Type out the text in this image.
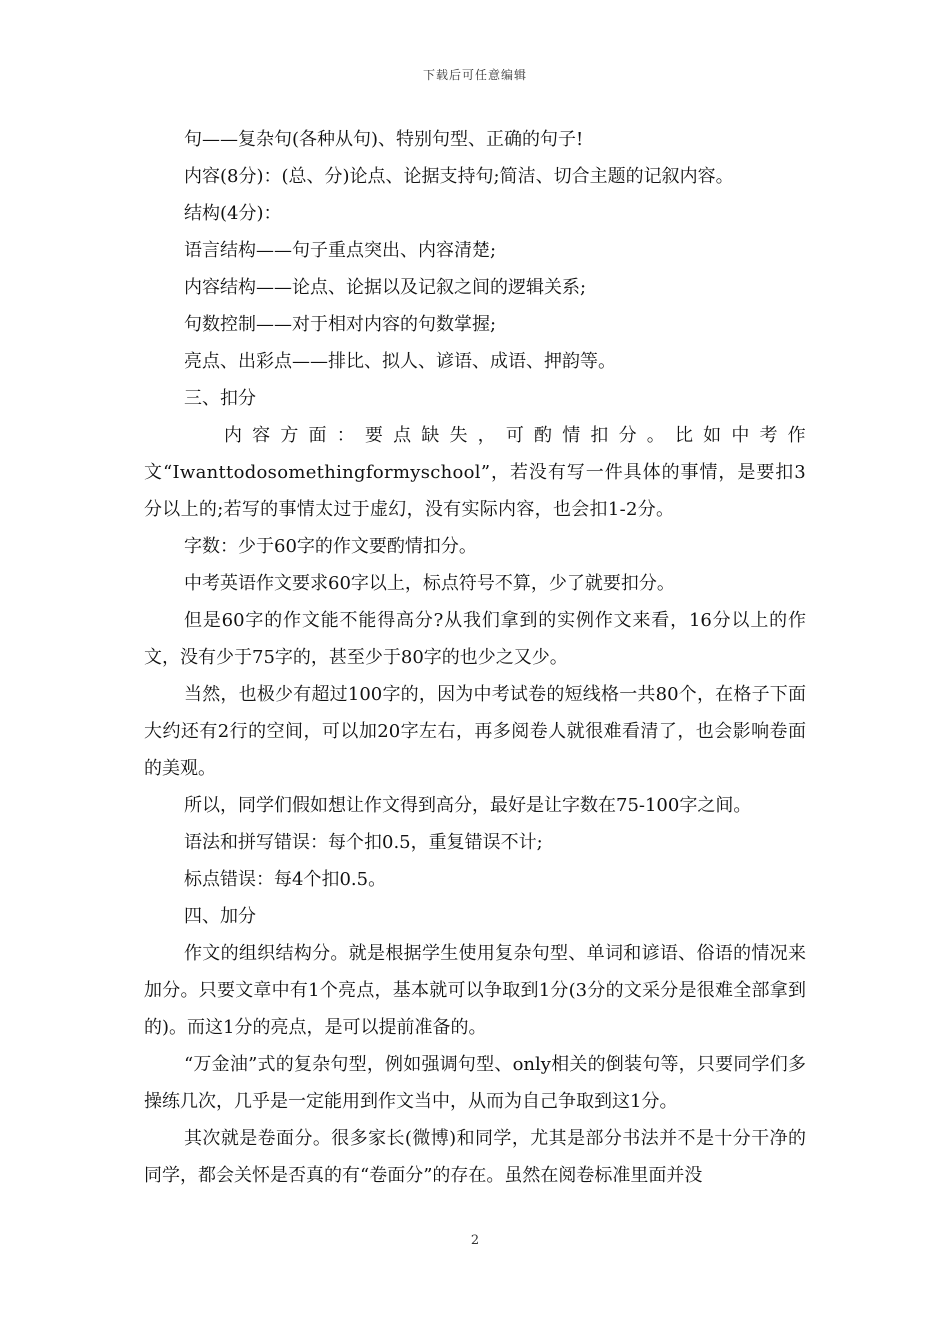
下载后可任意编辑

句——复杂句(各种从句)、特别句型、正确的句子!

内容(8分)：(总、分)论点、论据支持句;简洁、切合主题的记叙内容。

结构(4分)：

语言结构——句子重点突出、内容清楚;

内容结构——论点、论据以及记叙之间的逻辑关系;

句数控制——对于相对内容的句数掌握;

亮点、出彩点——排比、拟人、谚语、成语、押韵等。

三、扣分

内容方面：要点缺失，可酌情扣分。比如中考作文“Iwanttodosomethingformyschool”，若没有写一件具体的事情，是要扣3分以上的;若写的事情太过于虚幻，没有实际内容，也会扣1-2分。

字数：少于60字的作文要酌情扣分。

中考英语作文要求60字以上，标点符号不算，少了就要扣分。

但是60字的作文能不能得高分?从我们拿到的实例作文来看，16分以上的作文，没有少于75字的，甚至少于80字的也少之又少。

当然，也极少有超过100字的，因为中考试卷的短线格一共80个，在格子下面大约还有2行的空间，可以加20字左右，再多阅卷人就很难看清了，也会影响卷面的美观。

所以，同学们假如想让作文得到高分，最好是让字数在75-100字之间。

语法和拼写错误：每个扣0.5，重复错误不计;

标点错误：每4个扣0.5。

四、加分

作文的组织结构分。就是根据学生使用复杂句型、单词和谚语、俗语的情况来加分。只要文章中有1个亮点，基本就可以争取到1分(3分的文采分是很难全部拿到的)。而这1分的亮点，是可以提前准备的。

“万金油”式的复杂句型，例如强调句型、only相关的倒装句等，只要同学们多操练几次，几乎是一定能用到作文当中，从而为自己争取到这1分。

其次就是卷面分。很多家长(微博)和同学，尤其是部分书法并不是十分干净的同学，都会关怀是否真的有“卷面分”的存在。虽然在阅卷标准里面并没

2
